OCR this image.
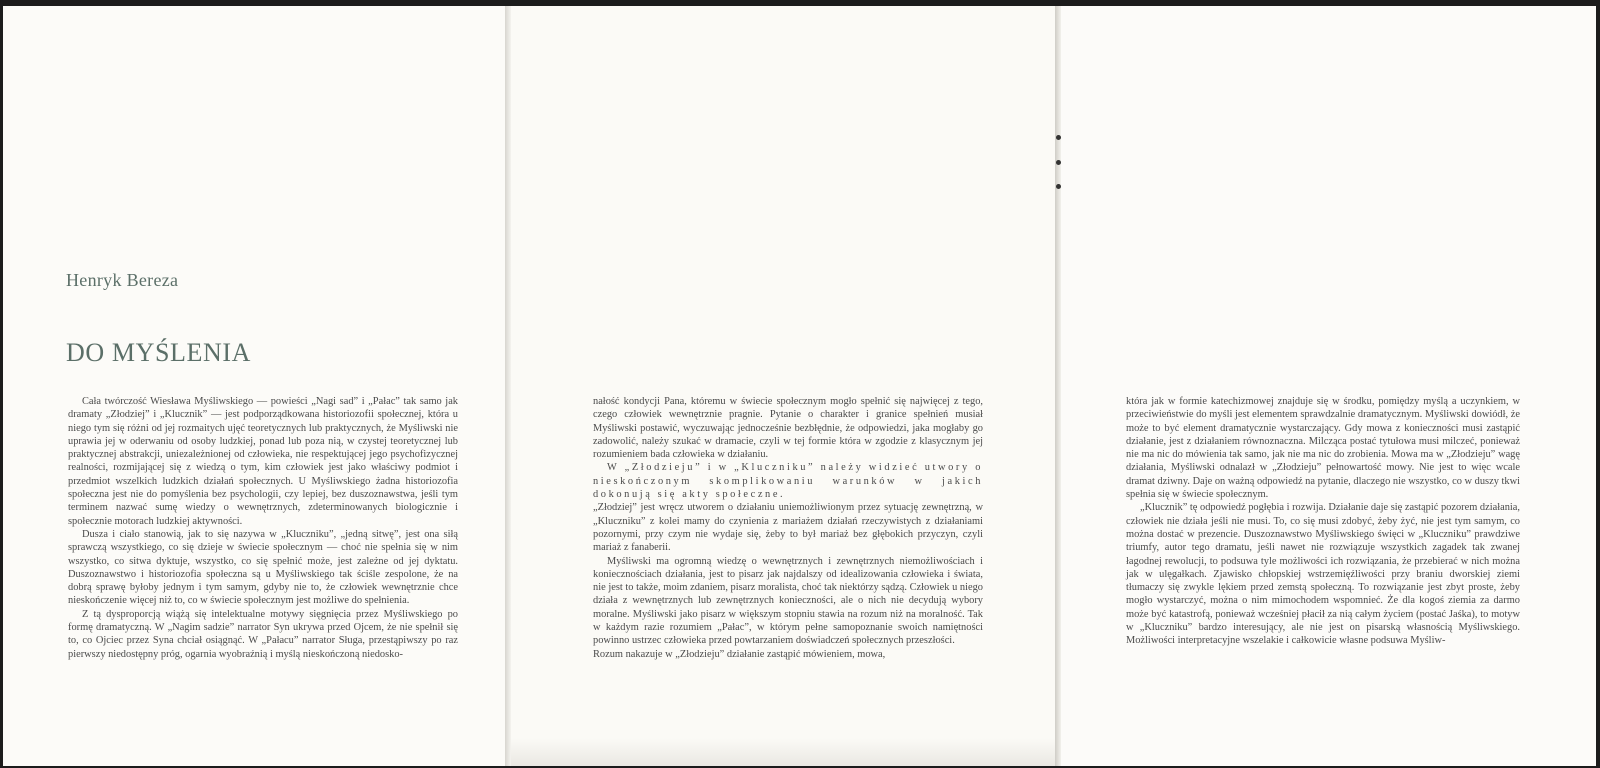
Henryk Bereza
DO MYŚLENIA

Cała twórczość Wiesława Myśliwskiego — powieści „Nagi sad” i „Pałac” tak samo jak dramaty „Złodziej” i „Klucznik” — jest podporządkowana historiozofii społecznej, która u niego tym się różni od jej rozmaitych ujęć teoretycznych lub praktycznych, że Myśliwski nie uprawia jej w oderwaniu od osoby ludzkiej, ponad lub poza nią, w czystej teoretycznej lub praktycznej abstrakcji, uniezależnionej od człowieka, nie respektującej jego psychofizycznej realności, rozmijającej się z wiedzą o tym, kim człowiek jest jako właściwy podmiot i przedmiot wszelkich ludzkich działań społecznych. U Myśliwskiego żadna historiozofia społeczna jest nie do pomyślenia bez psychologii, czy lepiej, bez duszoznawstwa, jeśli tym terminem nazwać sumę wiedzy o wewnętrznych, zdeterminowanych biologicznie i społecznie motorach ludzkiej aktywności.

Dusza i ciało stanowią, jak to się nazywa w „Kluczniku”, „jedną sitwę”, jest ona siłą sprawczą wszystkiego, co się dzieje w świecie społecznym — choć nie spełnia się w nim wszystko, co sitwa dyktuje, wszystko, co się spełnić może, jest zależne od jej dyktatu. Duszoznawstwo i historiozofia społeczna są u Myśliwskiego tak ściśle zespolone, że na dobrą sprawę byłoby jednym i tym samym, gdyby nie to, że człowiek wewnętrznie chce nieskończenie więcej niż to, co w świecie społecznym jest możliwe do spełnienia.

Z tą dysproporcją wiążą się intelektualne motywy sięgnięcia przez Myśliwskiego po formę dramatyczną. W „Nagim sadzie” narrator Syn ukrywa przed Ojcem, że nie spełnił się to, co Ojciec przez Syna chciał osiągnąć. W „Pałacu” narrator Sługa, przestąpiwszy po raz pierwszy niedostępny próg, ogarnia wyobraźnią i myślą nieskończoną niedosko-

nałość kondycji Pana, któremu w świecie społecznym mogło spełnić się najwięcej z tego, czego człowiek wewnętrznie pragnie. Pytanie o charakter i granice spełnień musiał Myśliwski postawić, wyczuwając jednocześnie bezbłędnie, że odpowiedzi, jaka mogłaby go zadowolić, należy szukać w dramacie, czyli w tej formie która w zgodzie z klasycznym jej rozumieniem bada człowieka w działaniu.

W „Złodzieju” i w „Kluczniku” należy widzieć utwory o nieskończonym skomplikowaniu warunków w jakich dokonują się akty społeczne.

„Złodziej” jest wręcz utworem o działaniu uniemożliwionym przez sytuację zewnętrzną, w „Kluczniku” z kolei mamy do czynienia z mariażem działań rzeczywistych z działaniami pozornymi, przy czym nie wydaje się, żeby to był mariaż bez głębokich przyczyn, czyli mariaż z fanaberii.

Myśliwski ma ogromną wiedzę o wewnętrznych i zewnętrznych niemożliwościach i koniecznościach działania, jest to pisarz jak najdalszy od idealizowania człowieka i świata, nie jest to także, moim zdaniem, pisarz moralista, choć tak niektórzy sądzą. Człowiek u niego działa z wewnętrznych lub zewnętrznych konieczności, ale o nich nie decydują wybory moralne. Myśliwski jako pisarz w większym stopniu stawia na rozum niż na moralność. Tak w każdym razie rozumiem „Pałac”, w którym pełne samopoznanie swoich namiętności powinno ustrzec człowieka przed powtarzaniem doświadczeń społecznych przeszłości.

Rozum nakazuje w „Złodzieju” działanie zastąpić mówieniem, mowa,

która jak w formie katechizmowej znajduje się w środku, pomiędzy myślą a uczynkiem, w przeciwieństwie do myśli jest elementem sprawdzalnie dramatycznym. Myśliwski dowiódł, że może to być element dramatycznie wystarczający. Gdy mowa z konieczności musi zastąpić działanie, jest z działaniem równoznaczna. Milcząca postać tytułowa musi milczeć, ponieważ nie ma nic do mówienia tak samo, jak nie ma nic do zrobienia. Mowa ma w „Złodzieju” wagę działania, Myśliwski odnalazł w „Złodzieju” pełnowartość mowy. Nie jest to więc wcale dramat dziwny. Daje on ważną odpowiedź na pytanie, dlaczego nie wszystko, co w duszy tkwi spełnia się w świecie społecznym.

„Klucznik” tę odpowiedź pogłębia i rozwija. Działanie daje się zastąpić pozorem działania, człowiek nie działa jeśli nie musi. To, co się musi zdobyć, żeby żyć, nie jest tym samym, co można dostać w prezencie. Duszoznawstwo Myśliwskiego święci w „Kluczniku” prawdziwe triumfy, autor tego dramatu, jeśli nawet nie rozwiązuje wszystkich zagadek tak zwanej łagodnej rewolucji, to podsuwa tyle możliwości ich rozwiązania, że przebierać w nich można jak w ulęgałkach. Zjawisko chłopskiej wstrzemięźliwości przy braniu dworskiej ziemi tłumaczy się zwykle lękiem przed zemstą społeczną. To rozwiązanie jest zbyt proste, żeby mogło wystarczyć, można o nim mimochodem wspomnieć. Że dla kogoś ziemia za darmo może być katastrofą, ponieważ wcześniej płacił za nią całym życiem (postać Jaśka), to motyw w „Kluczniku” bardzo interesujący, ale nie jest on pisarską własnością Myśliwskiego. Możliwości interpretacyjne wszelakie i całkowicie własne podsuwa Myśliw-
